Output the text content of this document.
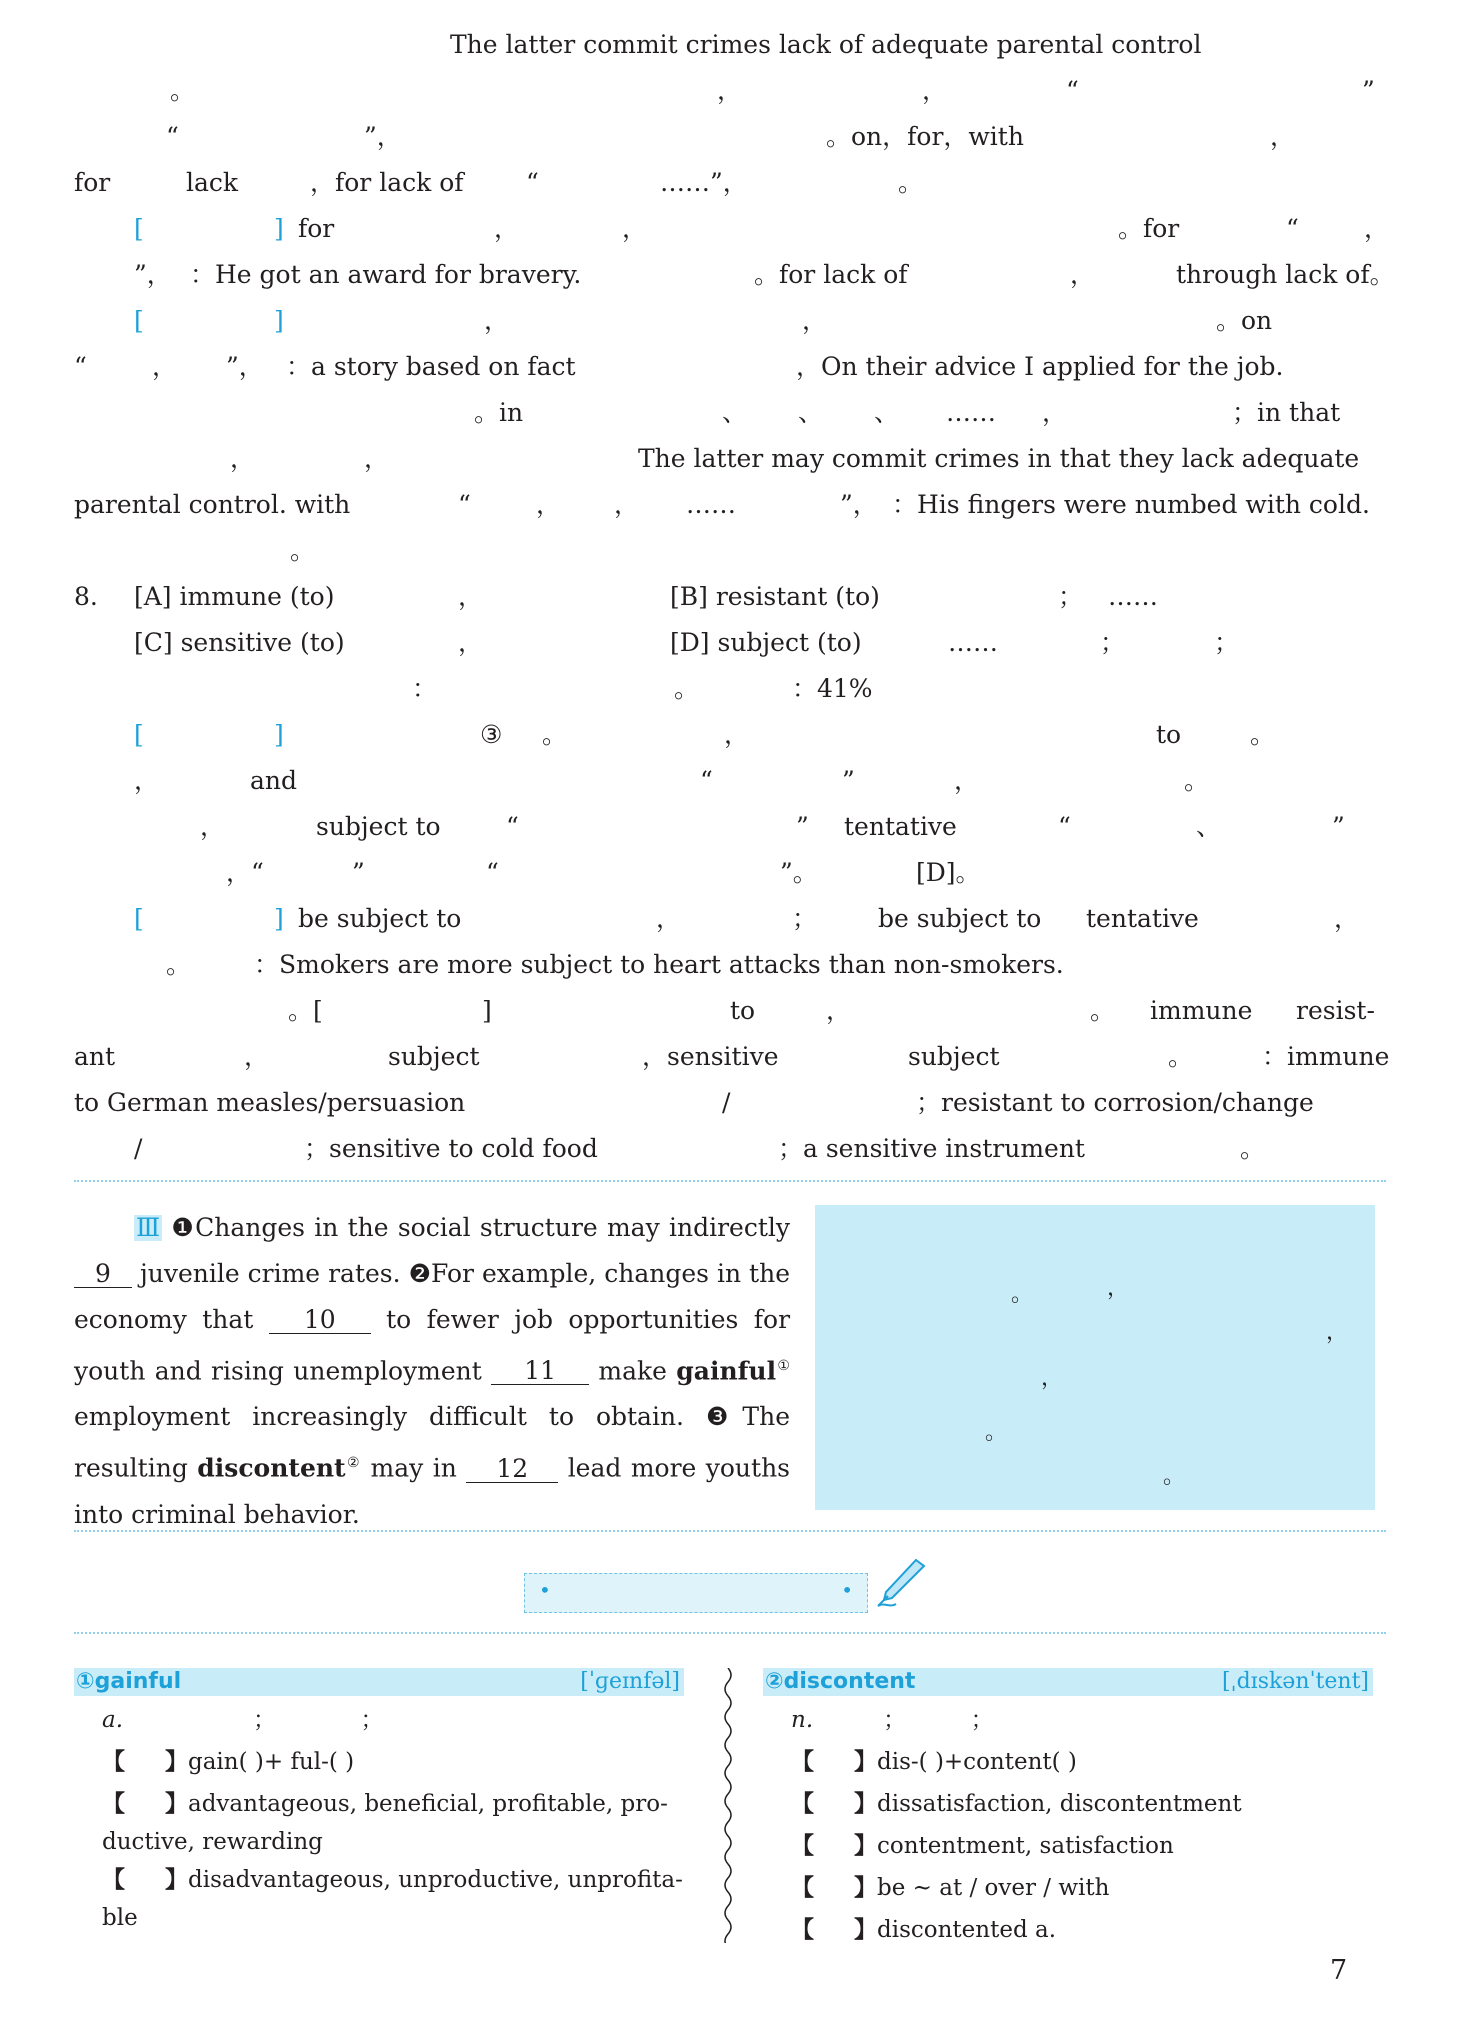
The latter commit crimes lack of adequate parental control
。	，	，	“	”
“	”，	。on，for，with	，
for	lack	，for lack of “	……”，	。
[	] for	，	，	。for	“	，
”， ：He got an award for bravery.	。for lack of	，	through lack of。
[	]	，	，	。on
“	， ”， ：a story based on fact	，On their advice I applied for the job.
。in	、 、 、 …… ，	；in that
，	，	The latter may commit crimes in that they lack adequate
parental control. with	“	， ， ……	”， ：His fingers were numbed with cold.
。
8. [A] immune (to)	，	[B] resistant (to)	； ……
[C] sensitive (to)	，	[D] subject (to)	……	；	；
：	。	：41%
[	]	③ 。	，	to	。
，	and	“	”	，	。
，	subject to	“	” tentative	“	、	”
，“	”	“	”。	[D]。
[	] be subject to	，	； be subject to tentative	，
。	：Smokers are more subject to heart attacks than non-smokers.
。[	]	to	，	。 immune resist-
ant	，	subject	，sensitive	subject	。	：immune
to German measles/persuasion	/	；resistant to corrosion/change
/	；sensitive to cold food	；a sensitive instrument	。
Ⅲ ❶Changes in the social structure may indirectly 9 juvenile crime rates. ❷For example, changes in the economy that 10 to fewer job opportunities for youth and rising unemployment 11 make gainful① employment increasingly difficult to obtain. ❸The resulting discontent② may in 12 lead more youths into criminal behavior.
。	，
，
，
。
。
•	•
①gainful	[ˈɡeɪnfəl]
a.	；	；
【 】gain( )+ ful-( )
【 】advantageous, beneficial, profitable, pro-
ductive, rewarding
【 】disadvantageous, unproductive, unprofita-
ble
②discontent	[ˌdɪskənˈtent]
n.	；	；
【 】dis-( )+content( )
【 】dissatisfaction, discontentment
【 】contentment, satisfaction
【 】be ~ at / over / with
【 】discontented a.
7
